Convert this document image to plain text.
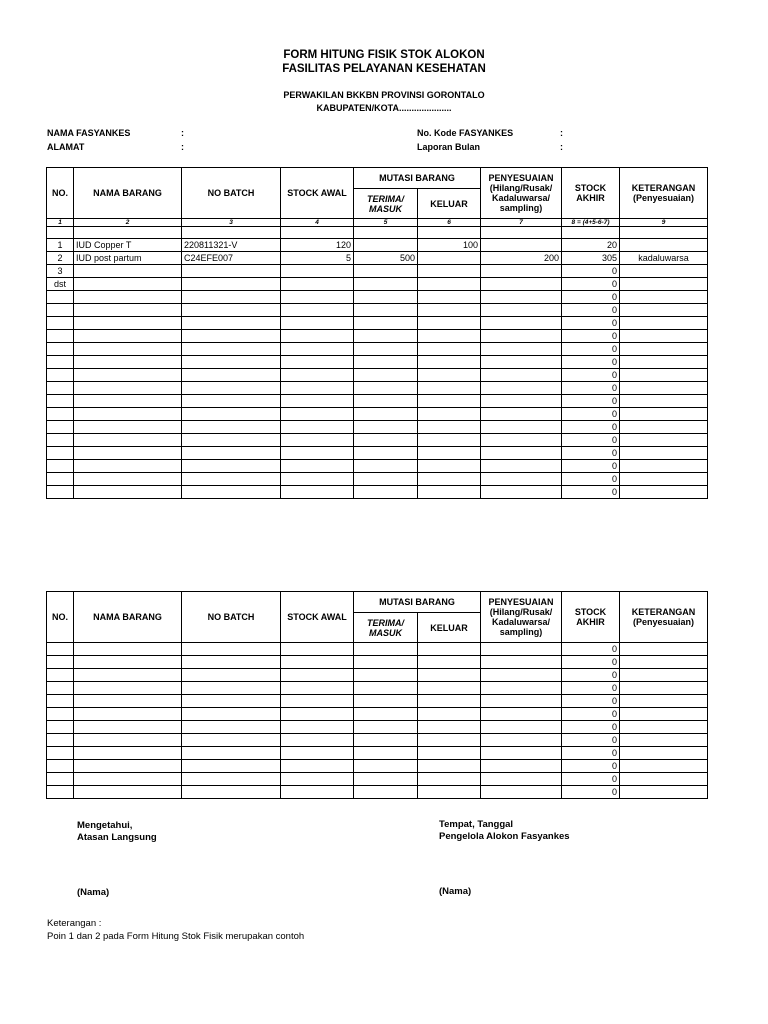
FORM HITUNG FISIK STOK ALOKON
FASILITAS PELAYANAN KESEHATAN
PERWAKILAN BKKBN PROVINSI GORONTALO
KABUPATEN/KOTA.....................
NAMA FASYANKES	:
ALAMAT	:
No. Kode FASYANKES	:
Laporan Bulan	:
NO.	NAMA BARANG	NO BATCH	STOCK AWAL	MUTASI BARANG		PENYESUAIAN (Hilang/Rusak/ Kadaluwarsa/ sampling)	STOCK AKHIR	KETERANGAN (Penyesuaian)
				TERIMA/ MASUK	KELUAR			
1	2	3	4	5	6	7	8 = (4+5-6-7)	9

1	IUD Copper T	220811321-V	120		100		20	
2	IUD post partum	C24EFE007	5	500		200	305	kadaluwarsa
3							0	
dst							0	
							0	
							0	
							0	
							0	
							0	
							0	
							0	
							0	
							0	
							0	
							0	
							0	
							0	
							0	
							0	
							0	
NO.	NAMA BARANG	NO BATCH	STOCK AWAL	MUTASI BARANG		PENYESUAIAN (Hilang/Rusak/ Kadaluwarsa/ sampling)	STOCK AKHIR	KETERANGAN (Penyesuaian)
				TERIMA/ MASUK	KELUAR			
							0	
							0	
							0	
							0	
							0	
							0	
							0	
							0	
							0	
							0	
							0	
							0	
Mengetahui,
Atasan Langsung
(Nama)
Tempat, Tanggal
Pengelola Alokon Fasyankes
(Nama)
Keterangan :
Poin 1 dan 2 pada Form Hitung Stok Fisik merupakan contoh
